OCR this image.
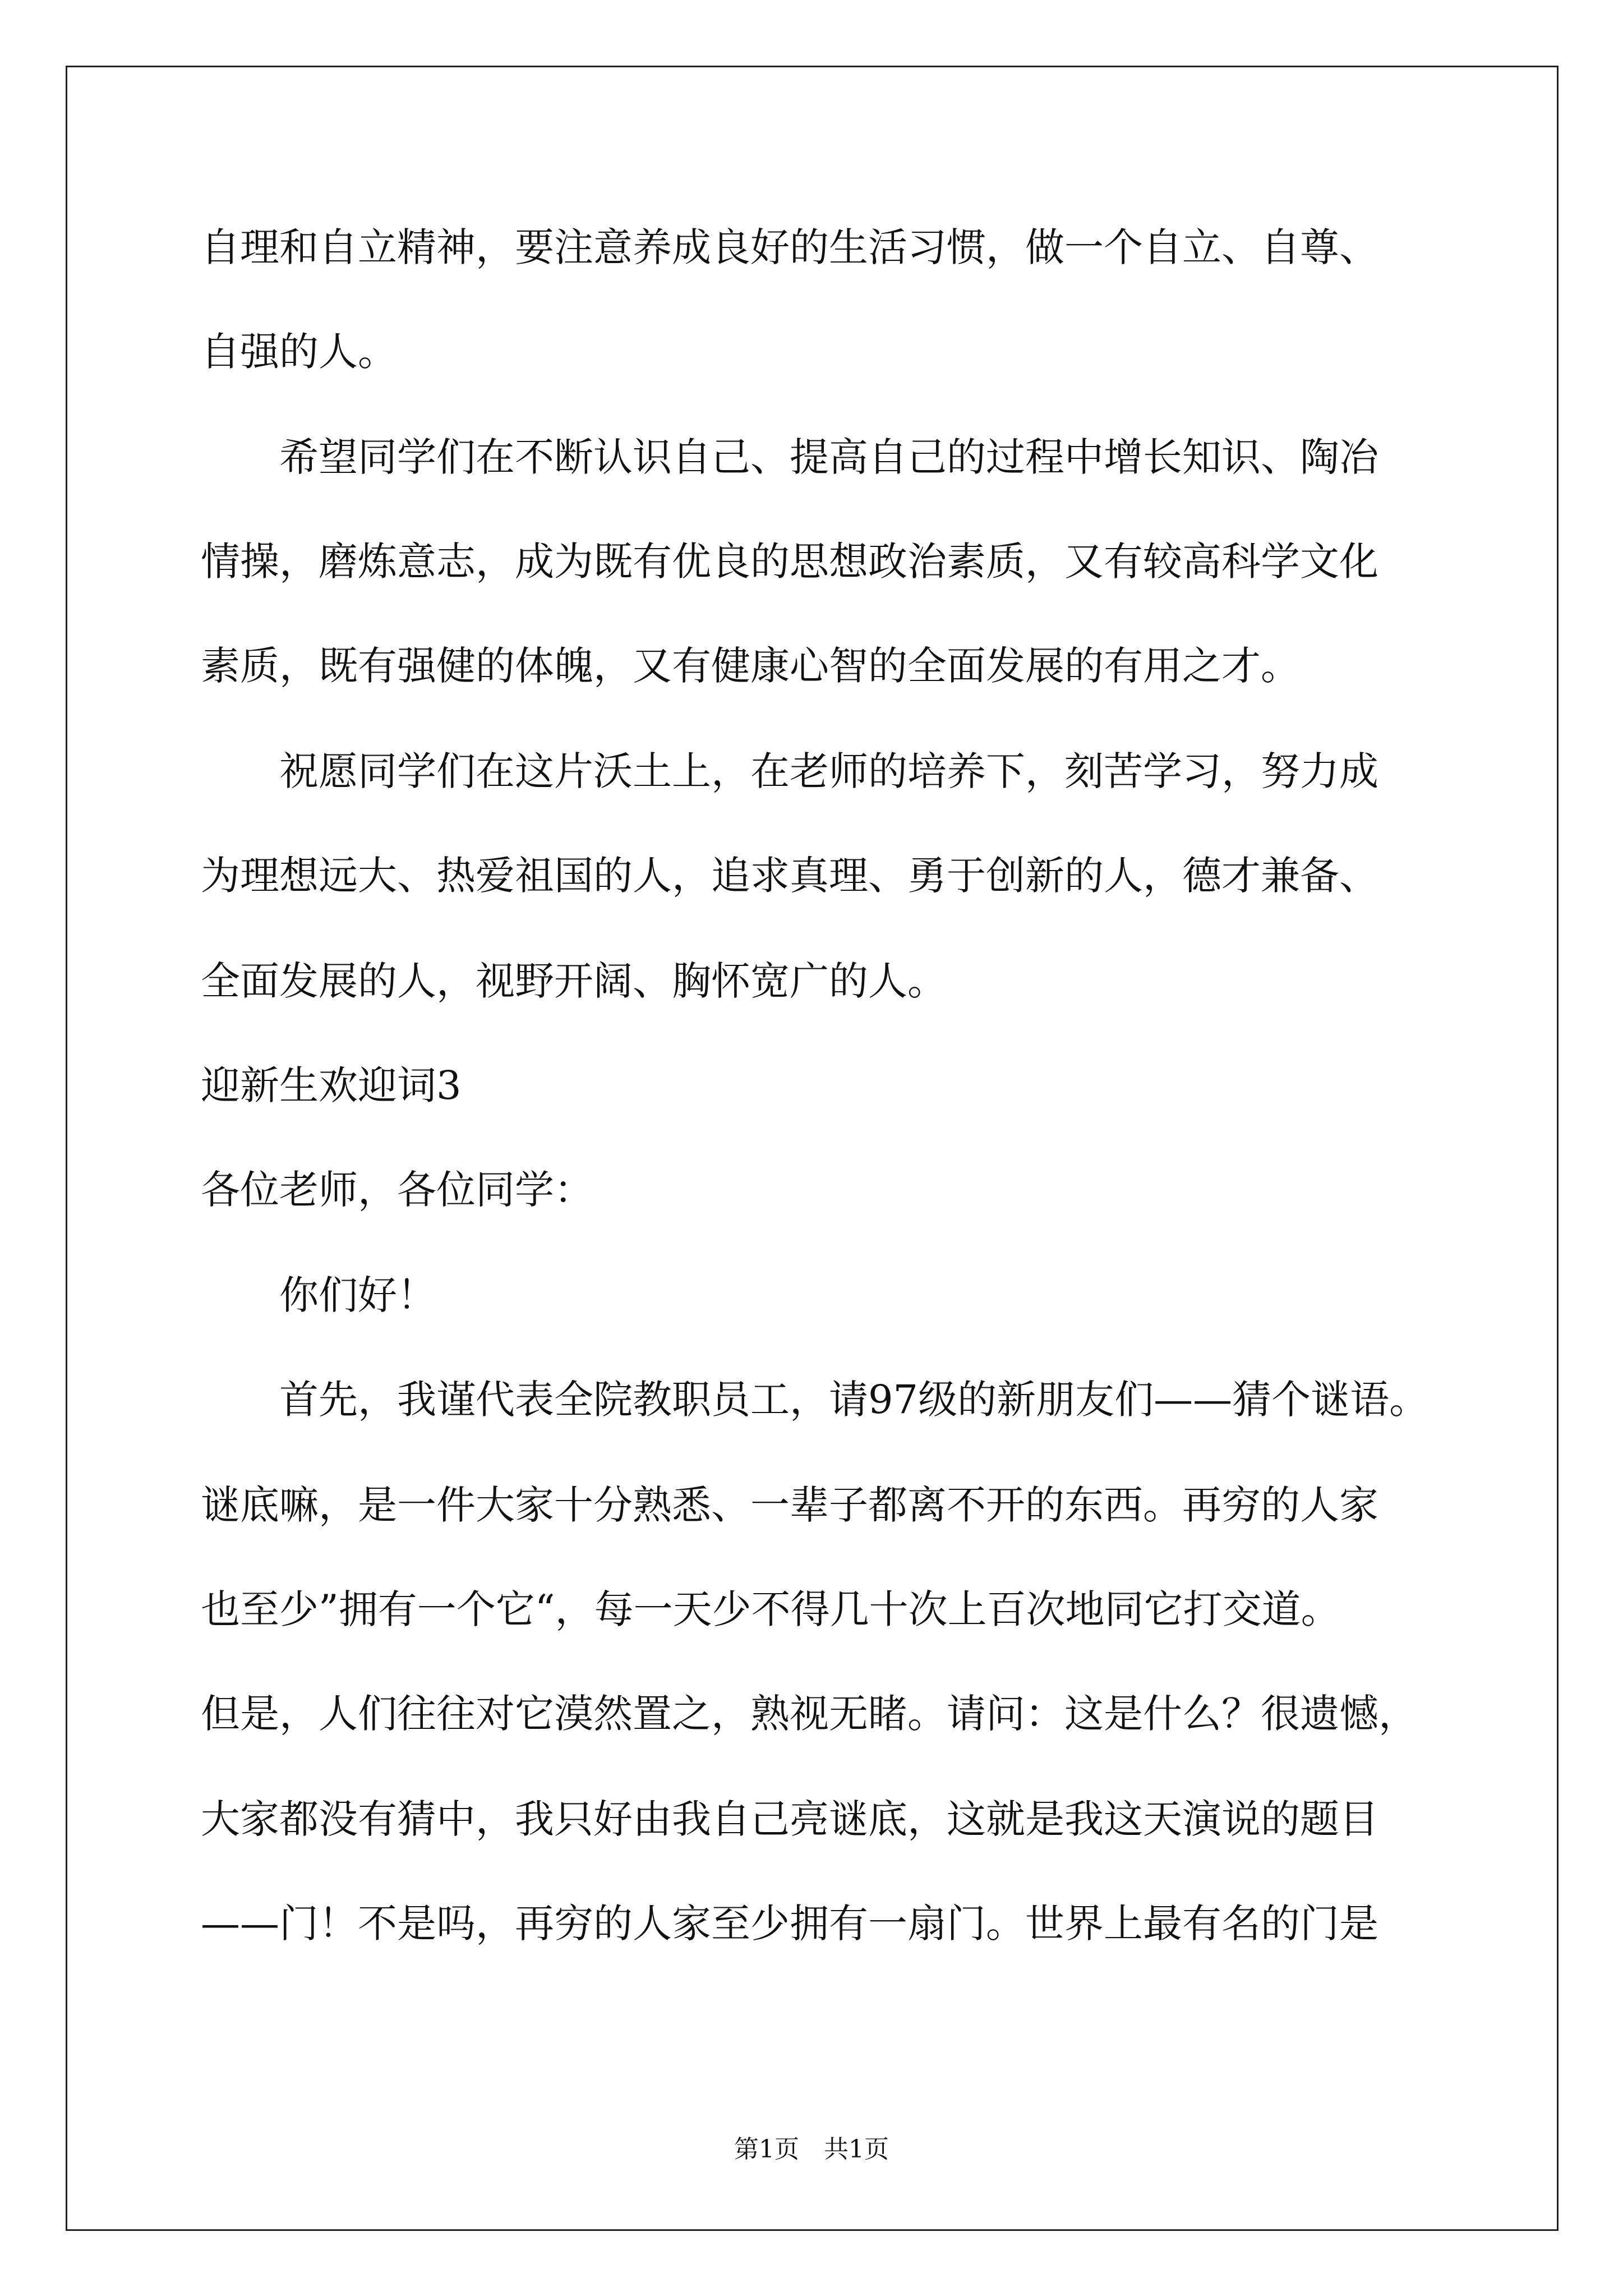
自理和自立精神，要注意养成良好的生活习惯，做一个自立、自尊、

自强的人。

希望同学们在不断认识自己、提高自己的过程中增长知识、陶冶

情操，磨炼意志，成为既有优良的思想政治素质，又有较高科学文化

素质，既有强健的体魄，又有健康心智的全面发展的有用之才。

祝愿同学们在这片沃土上，在老师的培养下，刻苦学习，努力成

为理想远大、热爱祖国的人，追求真理、勇于创新的人，德才兼备、

全面发展的人，视野开阔、胸怀宽广的人。

迎新生欢迎词3

各位老师，各位同学：

你们好！

首先，我谨代表全院教职员工，请97级的新朋友们——猜个谜语。

谜底嘛，是一件大家十分熟悉、一辈子都离不开的东西。再穷的人家

也至少”拥有一个它“，每一天少不得几十次上百次地同它打交道。

但是，人们往往对它漠然置之，熟视无睹。请问：这是什么？很遗憾，

大家都没有猜中，我只好由我自己亮谜底，这就是我这天演说的题目

——门！不是吗，再穷的人家至少拥有一扇门。世界上最有名的门是

第1页　共1页
